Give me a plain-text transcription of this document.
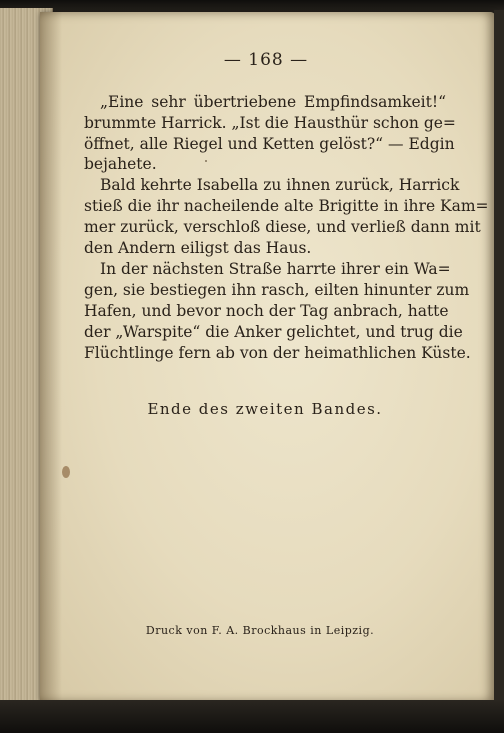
— 168 —
„Eine sehr übertriebene Empfindsamkeit!“
brummte Harrick. „Ist die Hausthür schon ge=
öffnet, alle Riegel und Ketten gelöst?“ — Edgin
bejahete.
Bald kehrte Isabella zu ihnen zurück, Harrick
stieß die ihr nacheilende alte Brigitte in ihre Kam=
mer zurück, verschloß diese, und verließ dann mit
den Andern eiligst das Haus.
In der nächsten Straße harrte ihrer ein Wa=
gen, sie bestiegen ihn rasch, eilten hinunter zum
Hafen, und bevor noch der Tag anbrach, hatte
der „Warspite“ die Anker gelichtet, und trug die
Flüchtlinge fern ab von der heimathlichen Küste.
Ende des zweiten Bandes.
Druck von F. A. Brockhaus in Leipzig.
